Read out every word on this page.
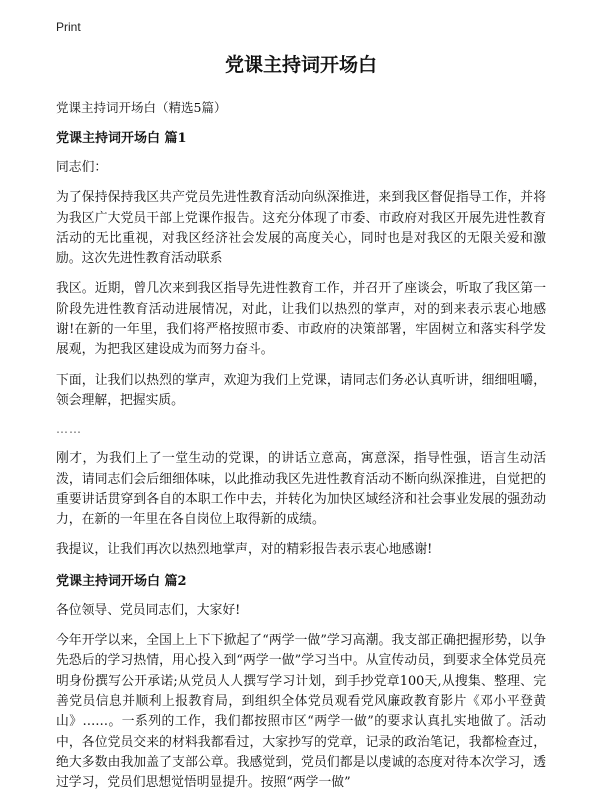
Print
党课主持词开场白

党课主持词开场白（精选5篇）

党课主持词开场白 篇1

同志们：

为了保持保持我区共产党员先进性教育活动向纵深推进，来到我区督促指导工作，并将为我区广大党员干部上党课作报告。这充分体现了市委、市政府对我区开展先进性教育活动的无比重视，对我区经济社会发展的高度关心，同时也是对我区的无限关爱和激励。这次先进性教育活动联系

我区。近期，曾几次来到我区指导先进性教育工作，并召开了座谈会，听取了我区第一阶段先进性教育活动进展情况，对此，让我们以热烈的掌声，对的到来表示衷心地感谢!在新的一年里，我们将严格按照市委、市政府的决策部署，牢固树立和落实科学发展观，为把我区建设成为而努力奋斗。

下面，让我们以热烈的掌声，欢迎为我们上党课，请同志们务必认真听讲，细细咀嚼，领会理解，把握实质。

……

刚才，为我们上了一堂生动的党课，的讲话立意高，寓意深，指导性强，语言生动活泼，请同志们会后细细体味，以此推动我区先进性教育活动不断向纵深推进，自觉把的重要讲话贯穿到各自的本职工作中去，并转化为加快区域经济和社会事业发展的强劲动力，在新的一年里在各自岗位上取得新的成绩。

我提议，让我们再次以热烈地掌声，对的精彩报告表示衷心地感谢!

党课主持词开场白 篇2

各位领导、党员同志们，大家好!

今年开学以来，全国上上下下掀起了“两学一做”学习高潮。我支部正确把握形势，以争先恐后的学习热情，用心投入到“两学一做”学习当中。从宣传动员，到要求全体党员亮明身份撰写公开承诺;从党员人人撰写学习计划，到手抄党章100天,从搜集、整理、完善党员信息并顺利上报教育局，到组织全体党员观看党风廉政教育影片《邓小平登黄山》……。一系列的工作，我们都按照市区“两学一做”的要求认真扎实地做了。活动中，各位党员交来的材料我都看过，大家抄写的党章，记录的政治笔记，我都检查过，绝大多数由我加盖了支部公章。我感觉到，党员们都是以虔诚的态度对待本次学习，透过学习，党员们思想觉悟明显提升。按照“两学一做”
